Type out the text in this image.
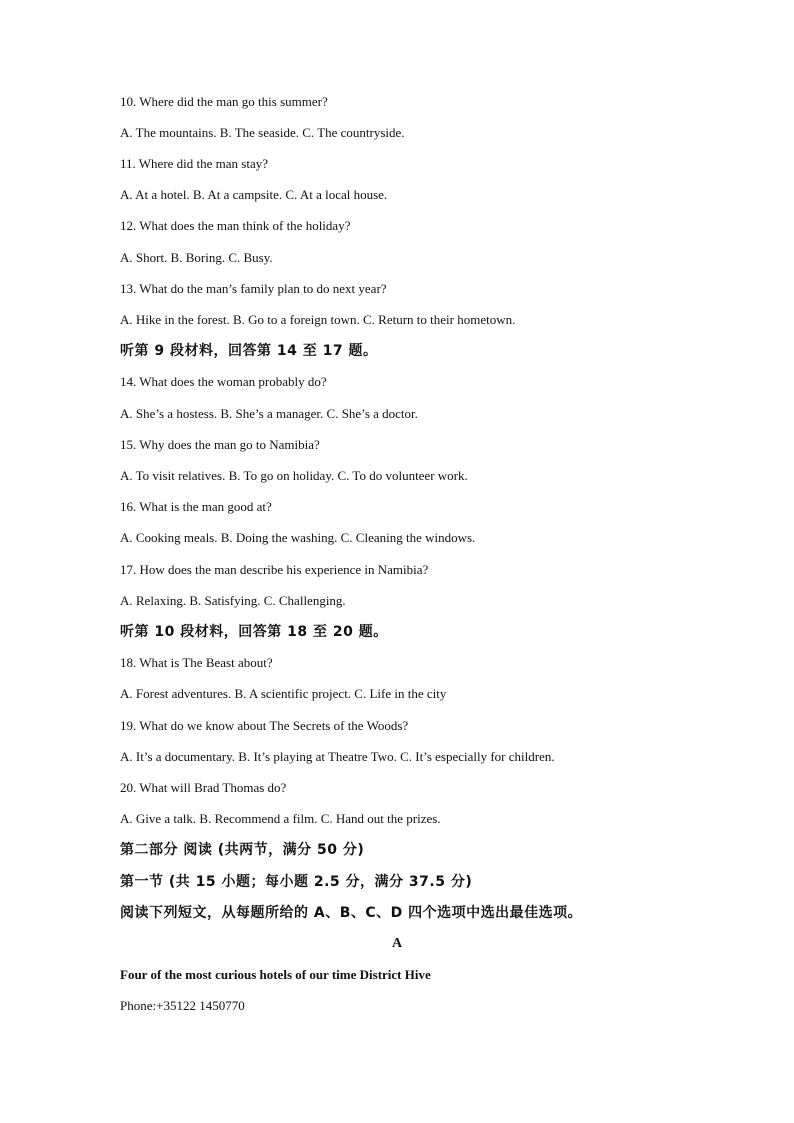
10. Where did the man go this summer?
A. The mountains. B. The seaside. C. The countryside.
11. Where did the man stay?
A. At a hotel. B. At a campsite. C. At a local house.
12. What does the man think of the holiday?
A. Short. B. Boring. C. Busy.
13. What do the man’s family plan to do next year?
A. Hike in the forest. B. Go to a foreign town. C. Return to their hometown.
听第 9 段材料，回答第 14 至 17 题。
14. What does the woman probably do?
A. She’s a hostess. B. She’s a manager. C. She’s a doctor.
15. Why does the man go to Namibia?
A. To visit relatives. B. To go on holiday. C. To do volunteer work.
16. What is the man good at?
A. Cooking meals. B. Doing the washing. C. Cleaning the windows.
17. How does the man describe his experience in Namibia?
A. Relaxing. B. Satisfying. C. Challenging.
听第 10 段材料，回答第 18 至 20 题。
18. What is The Beast about?
A. Forest adventures. B. A scientific project. C. Life in the city
19. What do we know about The Secrets of the Woods?
A. It’s a documentary. B. It’s playing at Theatre Two. C. It’s especially for children.
20. What will Brad Thomas do?
A. Give a talk. B. Recommend a film. C. Hand out the prizes.
第二部分 阅读 (共两节，满分 50 分)
第一节 (共 15 小题；每小题 2.5 分，满分 37.5 分)
阅读下列短文，从每题所给的 A、B、C、D 四个选项中选出最佳选项。
A
Four of the most curious hotels of our time District Hive
Phone:+35122 1450770
